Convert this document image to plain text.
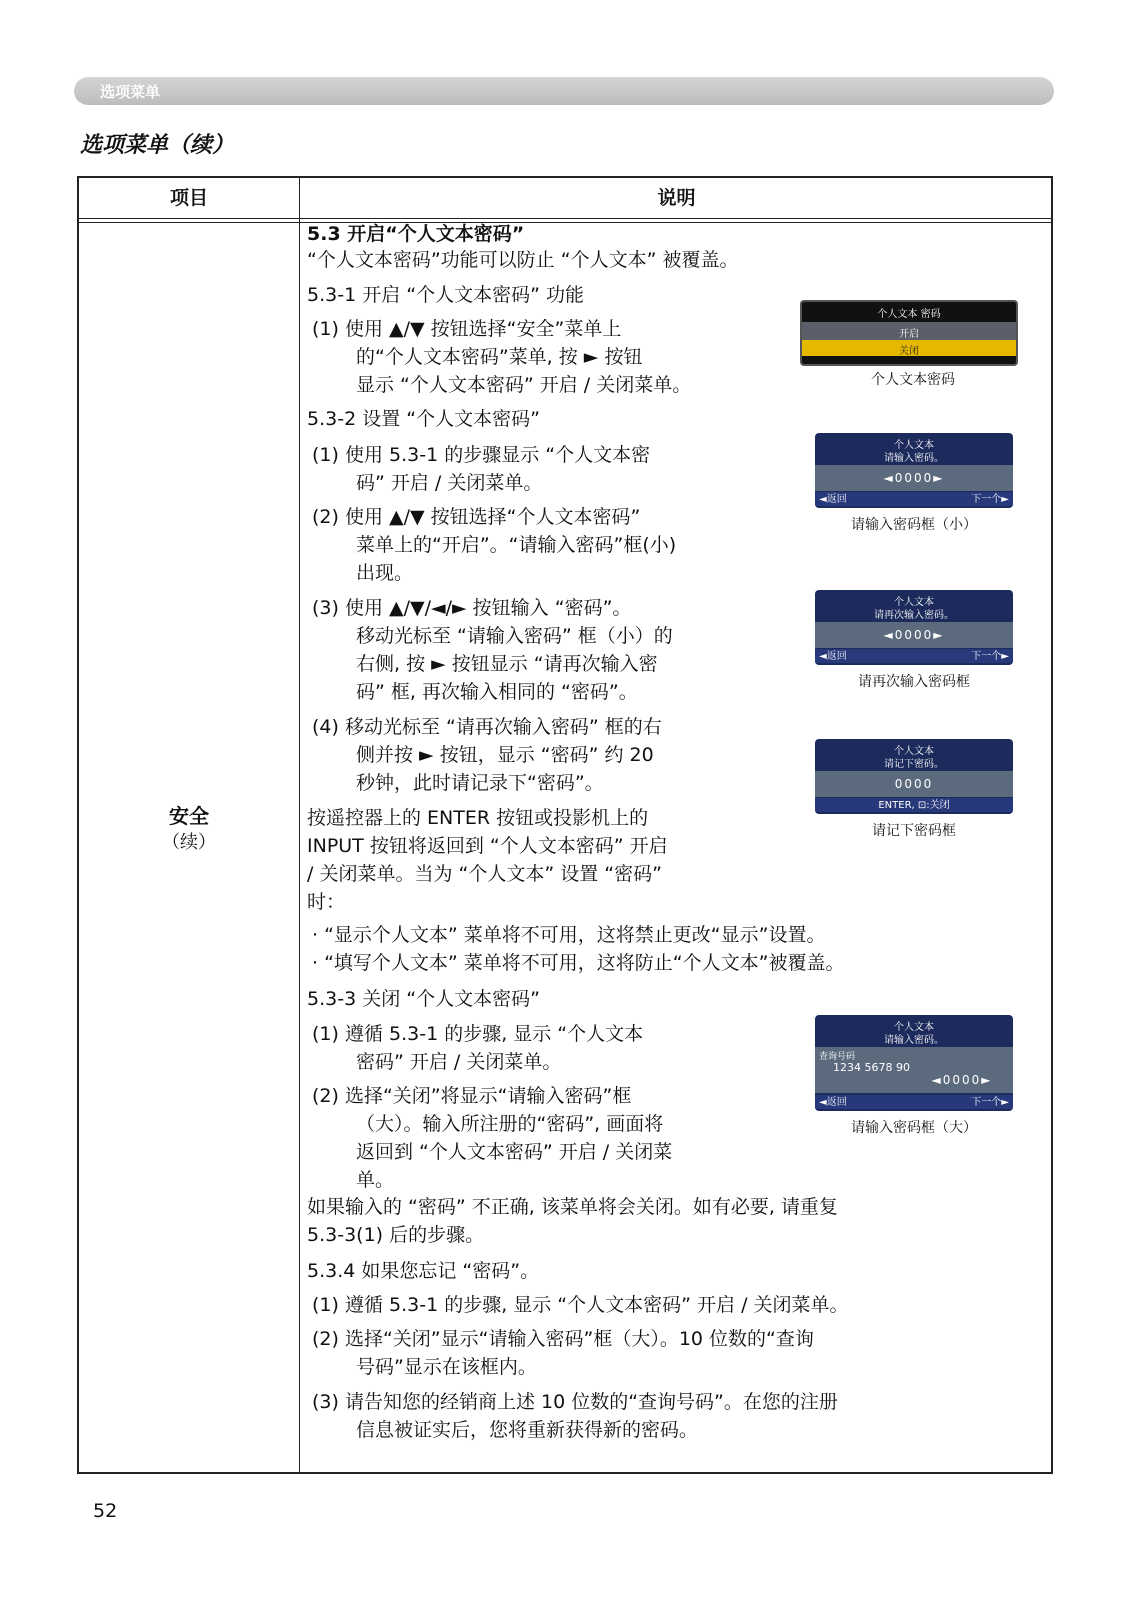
选项菜单
选项菜单（续）
项目	说明
安全
（续）
5.3 开启“个人文本密码”
“个人文本密码”功能可以防止 “个人文本” 被覆盖。
5.3-1 开启 “个人文本密码” 功能
(1) 使用 ▲/▼ 按钮选择“安全”菜单上
的“个人文本密码”菜单, 按 ► 按钮
显示 “个人文本密码” 开启 / 关闭菜单。
5.3-2 设置 “个人文本密码”
(1) 使用 5.3-1 的步骤显示 “个人文本密
码” 开启 / 关闭菜单。
(2) 使用 ▲/▼ 按钮选择“个人文本密码”
菜单上的“开启”。“请输入密码”框(小)
出现。
(3) 使用 ▲/▼/◄/► 按钮输入 “密码”。
移动光标至 “请输入密码” 框（小）的
右侧, 按 ► 按钮显示 “请再次输入密
码” 框, 再次输入相同的 “密码”。
(4) 移动光标至 “请再次输入密码” 框的右
侧并按 ► 按钮，显示 “密码” 约 20
秒钟，此时请记录下“密码”。
按遥控器上的 ENTER 按钮或投影机上的
INPUT 按钮将返回到 “个人文本密码” 开启
/ 关闭菜单。当为 “个人文本” 设置 “密码”
时：
· “显示个人文本” 菜单将不可用，这将禁止更改“显示”设置。
· “填写个人文本” 菜单将不可用，这将防止“个人文本”被覆盖。
5.3-3 关闭 “个人文本密码”
(1) 遵循 5.3-1 的步骤, 显示 “个人文本
密码” 开启 / 关闭菜单。
(2) 选择“关闭”将显示“请输入密码”框
（大）。输入所注册的“密码”, 画面将
返回到 “个人文本密码” 开启 / 关闭菜
单。
如果输入的 “密码” 不正确, 该菜单将会关闭。如有必要, 请重复
5.3-3(1) 后的步骤。
5.3.4 如果您忘记 “密码”。
(1) 遵循 5.3-1 的步骤, 显示 “个人文本密码” 开启 / 关闭菜单。
(2) 选择“关闭”显示“请输入密码”框（大）。10 位数的“查询
号码”显示在该框内。
(3) 请告知您的经销商上述 10 位数的“查询号码”。在您的注册
信息被证实后，您将重新获得新的密码。
个人文本 密码
开启
关闭
个人文本密码
个人文本
请输入密码。
◄0000►
◄返回	下一个►
请输入密码框（小）
个人文本
请再次输入密码。
◄0000►
◄返回	下一个►
请再次输入密码框
个人文本
请记下密码。
0000
ENTER, ⊡:关闭
请记下密码框
个人文本
请输入密码。
查询号码
1234 5678 90
◄0000►
◄返回	下一个►
请输入密码框（大）
52
